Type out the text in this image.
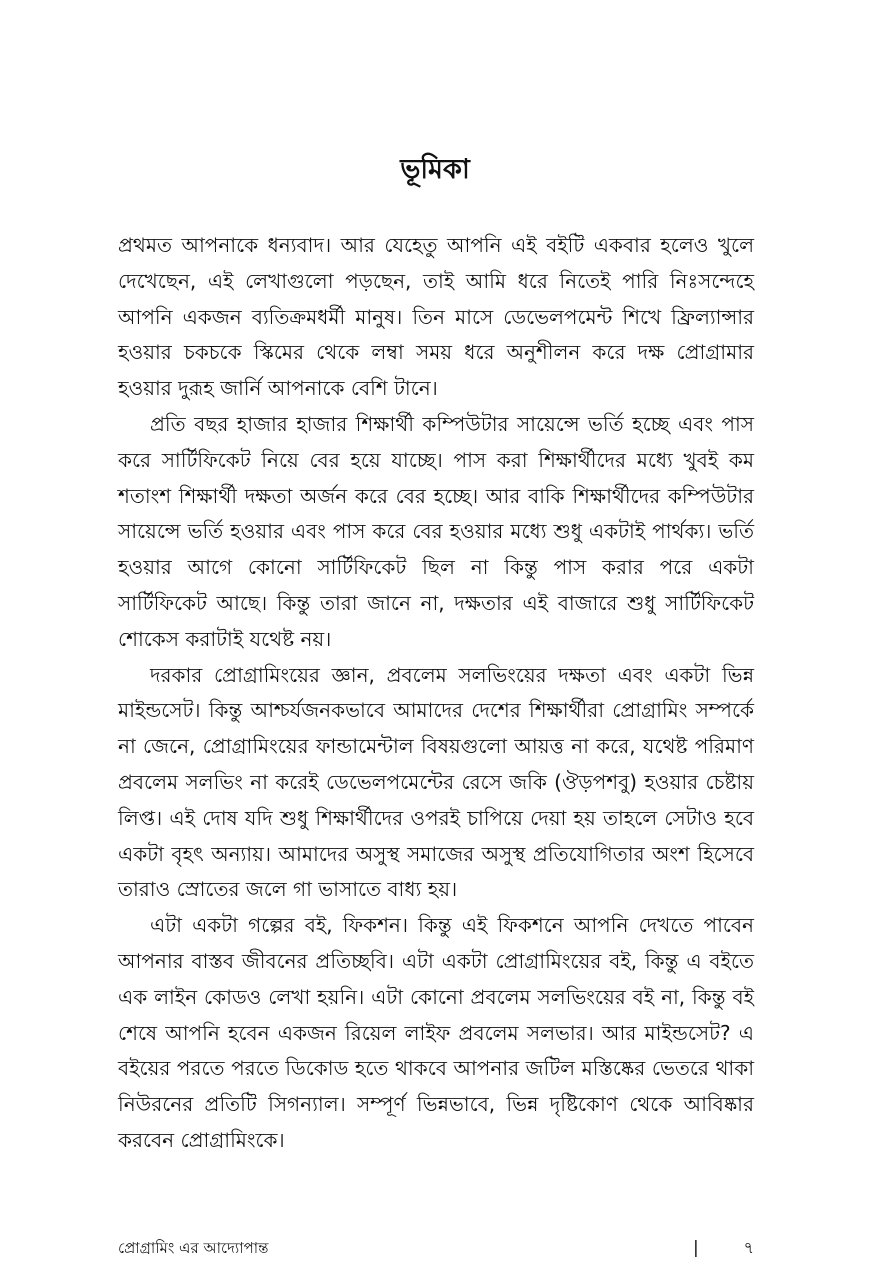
ভূমিকা

প্রথমত আপনাকে ধন্যবাদ। আর যেহেতু আপনি এই বইটি একবার হলেও খুলে দেখেছেন, এই লেখাগুলো পড়ছেন, তাই আমি ধরে নিতেই পারি নিঃসন্দেহে আপনি একজন ব্যতিক্রমধর্মী মানুষ। তিন মাসে ডেভেলপমেন্ট শিখে ফ্রিল্যান্সার হওয়ার চকচকে স্কিমের থেকে লম্বা সময় ধরে অনুশীলন করে দক্ষ প্রোগ্রামার হওয়ার দুরূহ জার্নি আপনাকে বেশি টানে।

প্রতি বছর হাজার হাজার শিক্ষার্থী কম্পিউটার সায়েন্সে ভর্তি হচ্ছে এবং পাস করে সার্টিফিকেট নিয়ে বের হয়ে যাচ্ছে। পাস করা শিক্ষার্থীদের মধ্যে খুবই কম শতাংশ শিক্ষার্থী দক্ষতা অর্জন করে বের হচ্ছে। আর বাকি শিক্ষার্থীদের কম্পিউটার সায়েন্সে ভর্তি হওয়ার এবং পাস করে বের হওয়ার মধ্যে শুধু একটাই পার্থক্য। ভর্তি হওয়ার আগে কোনো সার্টিফিকেট ছিল না কিন্তু পাস করার পরে একটা সার্টিফিকেট আছে। কিন্তু তারা জানে না, দক্ষতার এই বাজারে শুধু সার্টিফিকেট শোকেস করাটাই যথেষ্ট নয়।

দরকার প্রোগ্রামিংয়ের জ্ঞান, প্রবলেম সলভিংয়ের দক্ষতা এবং একটা ভিন্ন মাইন্ডসেট। কিন্তু আশ্চর্যজনকভাবে আমাদের দেশের শিক্ষার্থীরা প্রোগ্রামিং সম্পর্কে না জেনে, প্রোগ্রামিংয়ের ফান্ডামেন্টাল বিষয়গুলো আয়ত্ত না করে, যথেষ্ট পরিমাণ প্রবলেম সলভিং না করেই ডেভেলপমেন্টের রেসে জকি (ঔড়পশবু) হওয়ার চেষ্টায় লিপ্ত। এই দোষ যদি শুধু শিক্ষার্থীদের ওপরই চাপিয়ে দেয়া হয় তাহলে সেটাও হবে একটা বৃহৎ অন্যায়। আমাদের অসুস্থ সমাজের অসুস্থ প্রতিযোগিতার অংশ হিসেবে তারাও স্রোতের জলে গা ভাসাতে বাধ্য হয়।

এটা একটা গল্পের বই, ফিকশন। কিন্তু এই ফিকশনে আপনি দেখতে পাবেন আপনার বাস্তব জীবনের প্রতিচ্ছবি। এটা একটা প্রোগ্রামিংয়ের বই, কিন্তু এ বইতে এক লাইন কোডও লেখা হয়নি। এটা কোনো প্রবলেম সলভিংয়ের বই না, কিন্তু বই শেষে আপনি হবেন একজন রিয়েল লাইফ প্রবলেম সলভার। আর মাইন্ডসেট? এ বইয়ের পরতে পরতে ডিকোড হতে থাকবে আপনার জটিল মস্তিষ্কের ভেতরে থাকা নিউরনের প্রতিটি সিগন্যাল। সম্পূর্ণ ভিন্নভাবে, ভিন্ন দৃষ্টিকোণ থেকে আবিষ্কার করবেন প্রোগ্রামিংকে।

প্রোগ্রামিং এর আদ্যোপান্ত	|	৭
